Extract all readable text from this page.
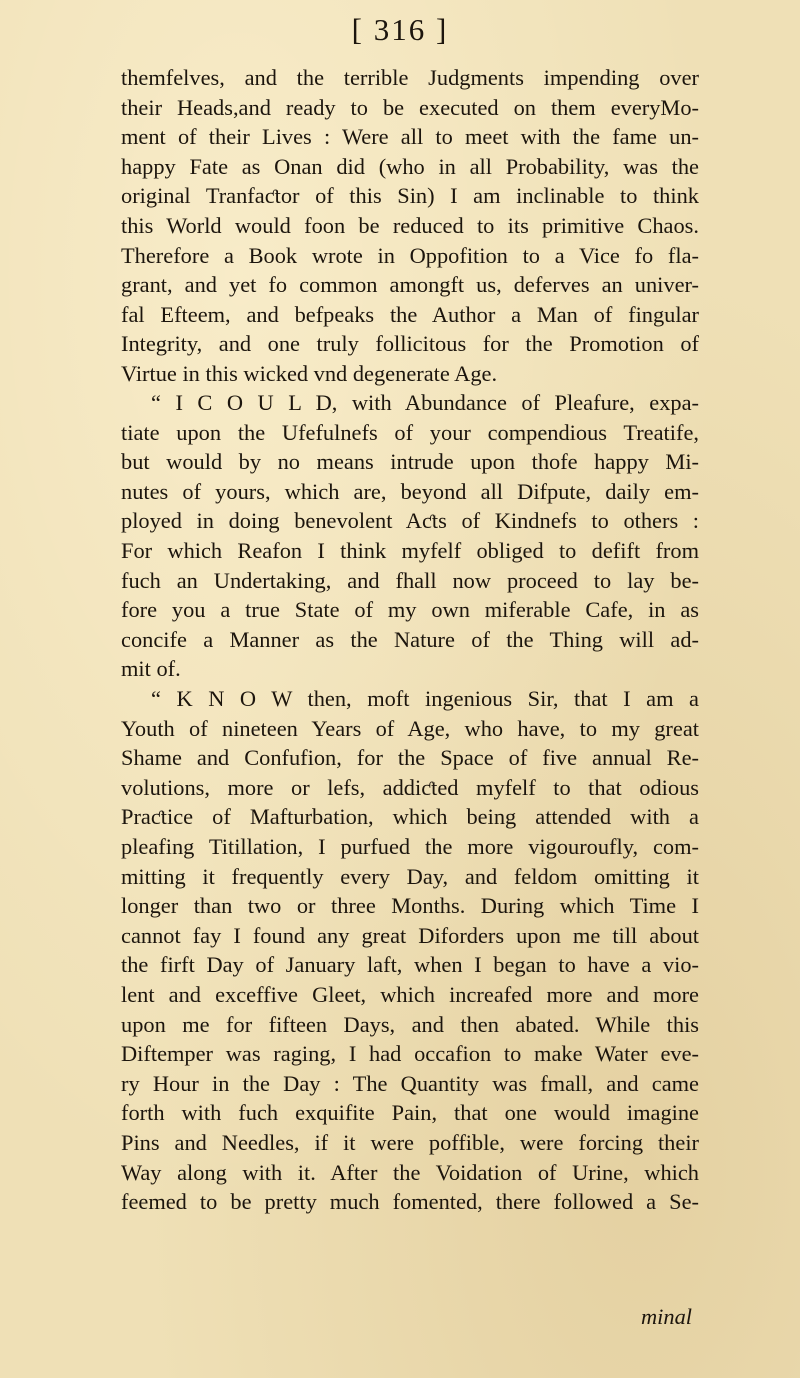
[ 316 ]
themfelves, and the terrible Judgments impending over
their Heads,and ready to be executed on them everyMo-
ment of their Lives : Were all to meet with the fame un-
happy Fate as Onan did (who in all Probability, was the
original Tranfaƈtor of this Sin) I am inclinable to think
this World would foon be reduced to its primitive Chaos.
Therefore a Book wrote in Oppofition to a Vice fo fla-
grant, and yet fo common amongft us, deferves an univer-
fal Efteem, and befpeaks the Author a Man of fingular
Integrity, and one truly follicitous for the Promotion of
Virtue in this wicked vnd degenerate Age.
“ I C O U L D, with Abundance of Pleafure, expa-
tiate upon the Ufefulnefs of your compendious Treatife,
but would by no means intrude upon thofe happy Mi-
nutes of yours, which are, beyond all Difpute, daily em-
ployed in doing benevolent Aƈts of Kindnefs to others :
For which Reafon I think myfelf obliged to defift from
fuch an Undertaking, and fhall now proceed to lay be-
fore you a true State of my own miferable Cafe, in as
concife a Manner as the Nature of the Thing will ad-
mit of.
“ K N O W then, moft ingenious Sir, that I am a
Youth of nineteen Years of Age, who have, to my great
Shame and Confufion, for the Space of five annual Re-
volutions, more or lefs, addiƈted myfelf to that odious
Praƈtice of Mafturbation, which being attended with a
pleafing Titillation, I purfued the more vigouroufly, com-
mitting it frequently every Day, and feldom omitting it
longer than two or three Months. During which Time I
cannot fay I found any great Diforders upon me till about
the firft Day of January laft, when I began to have a vio-
lent and exceffive Gleet, which increafed more and more
upon me for fifteen Days, and then abated. While this
Diftemper was raging, I had occafion to make Water eve-
ry Hour in the Day : The Quantity was fmall, and came
forth with fuch exquifite Pain, that one would imagine
Pins and Needles, if it were poffible, were forcing their
Way along with it. After the Voidation of Urine, which
feemed to be pretty much fomented, there followed a Se-
minal
